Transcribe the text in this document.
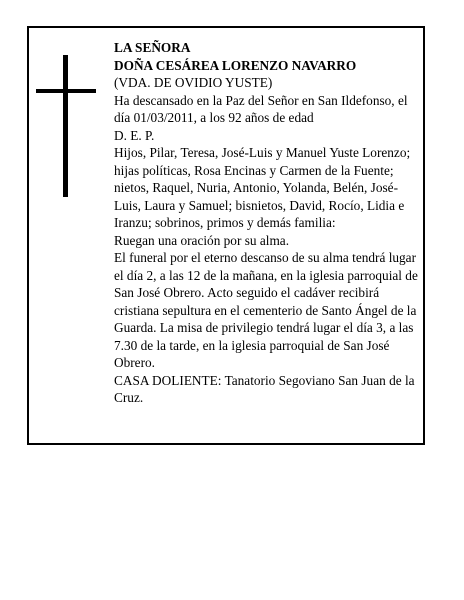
LA SEÑORA

DOÑA CESÁREA LORENZO NAVARRO

(VDA. DE OVIDIO YUSTE)

Ha descansado en la Paz del Señor en San Ildefonso, el día 01/03/2011, a los 92 años de edad

D. E. P.

Hijos, Pilar, Teresa, José-Luis y Manuel Yuste Lorenzo; hijas políticas, Rosa Encinas y Carmen de la Fuente; nietos, Raquel, Nuria, Antonio, Yolanda, Belén, José-Luis, Laura y Samuel; bisnietos, David, Rocío, Lidia e Iranzu; sobrinos, primos y demás familia:

Ruegan una oración por su alma.

El funeral por el eterno descanso de su alma tendrá lugar el día 2, a las 12 de la mañana, en la iglesia parroquial de San José Obrero. Acto seguido el cadáver recibirá cristiana sepultura en el cementerio de Santo Ángel de la Guarda. La misa de privilegio tendrá lugar el día 3, a las 7.30 de la tarde, en la iglesia parroquial de San José Obrero.

CASA DOLIENTE: Tanatorio Segoviano San Juan de la Cruz.
